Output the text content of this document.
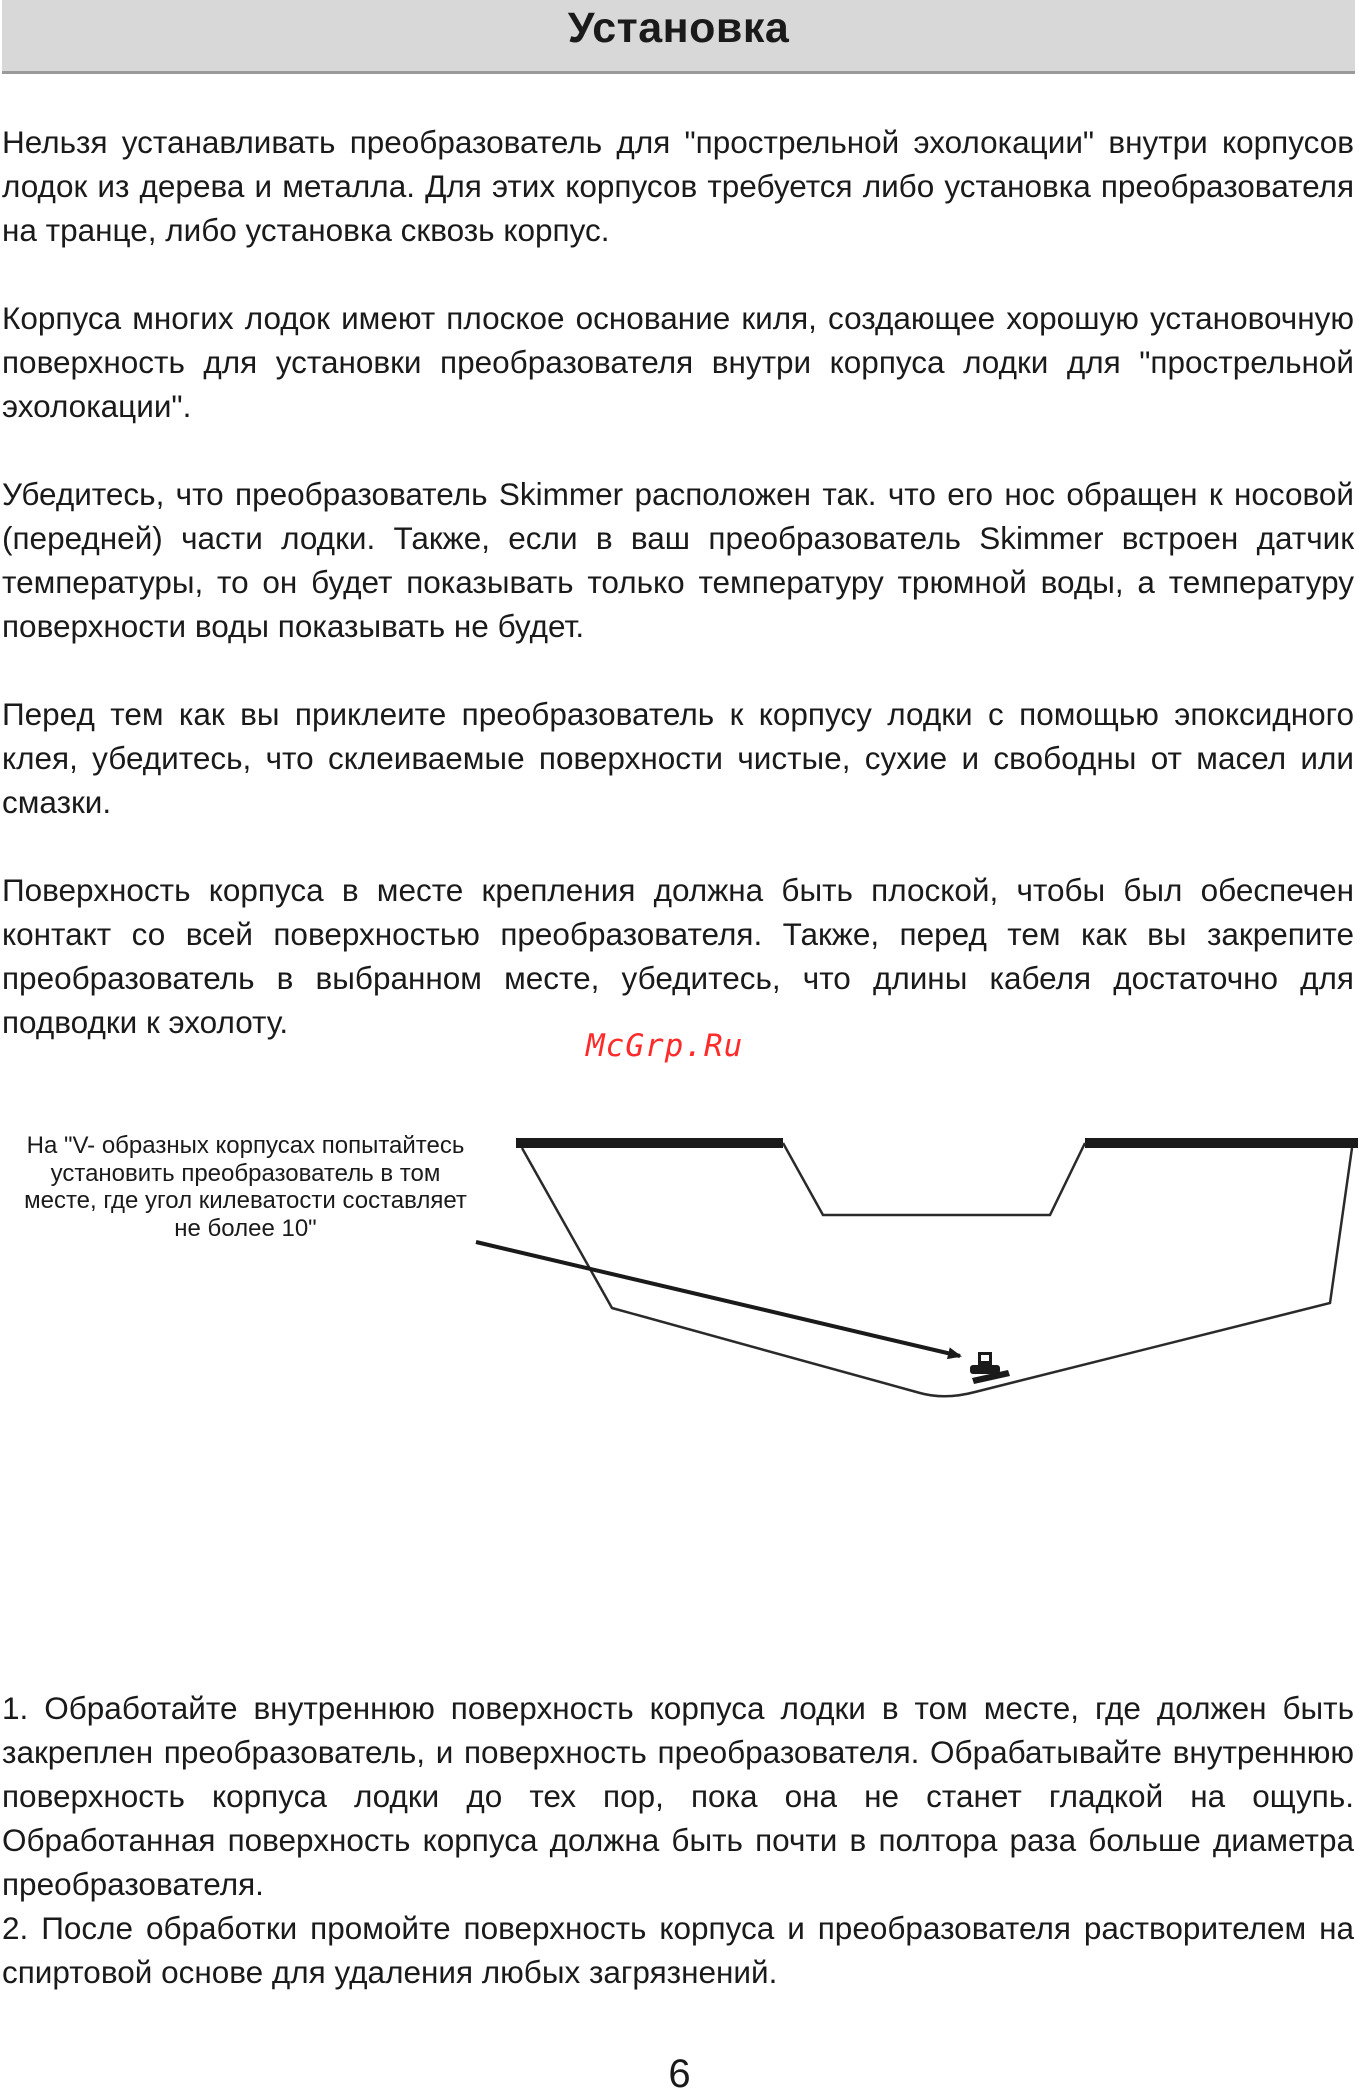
Установка

Нельзя устанавливать преобразователь для "прострельной эхолокации" внутри корпусов лодок из дерева и металла. Для этих корпусов требуется либо установка преобразователя на транце, либо установка сквозь корпус.

Корпуса многих лодок имеют плоское основание киля, создающее хорошую установочную поверхность для установки преобразователя внутри корпуса лодки для "прострельной эхолокации".

Убедитесь, что преобразователь Skimmer расположен так. что его нос обращен к носовой (передней) части лодки. Также, если в ваш преобразователь Skimmer встроен датчик температуры, то он будет показывать только температуру трюмной воды, а температуру поверхности воды показывать не будет.

Перед тем как вы приклеите преобразователь к корпусу лодки с помощью эпоксидного клея, убедитесь, что склеиваемые поверхности чистые, сухие и свободны от масел или смазки.

Поверхность корпуса в месте крепления должна быть плоской, чтобы был обеспечен контакт со всей поверхностью преобразователя. Также, перед тем как вы закрепите преобразователь в выбранном месте, убедитесь, что длины кабеля достаточно для подводки к эхолоту.

McGrp.Ru
На "V- образных корпусах попытайтесь установить преобразователь в том месте, где угол килеватости составляет не более 10"

1. Обработайте внутреннюю поверхность корпуса лодки в том месте, где должен быть закреплен преобразователь, и поверхность преобразователя. Обрабатывайте внутреннюю поверхность корпуса лодки до тех пор, пока она не станет гладкой на ощупь. Обработанная поверхность корпуса должна быть почти в полтора раза больше диаметра преобразователя.

2. После обработки промойте поверхность корпуса и преобразователя растворителем на спиртовой основе для удаления любых загрязнений.

6
